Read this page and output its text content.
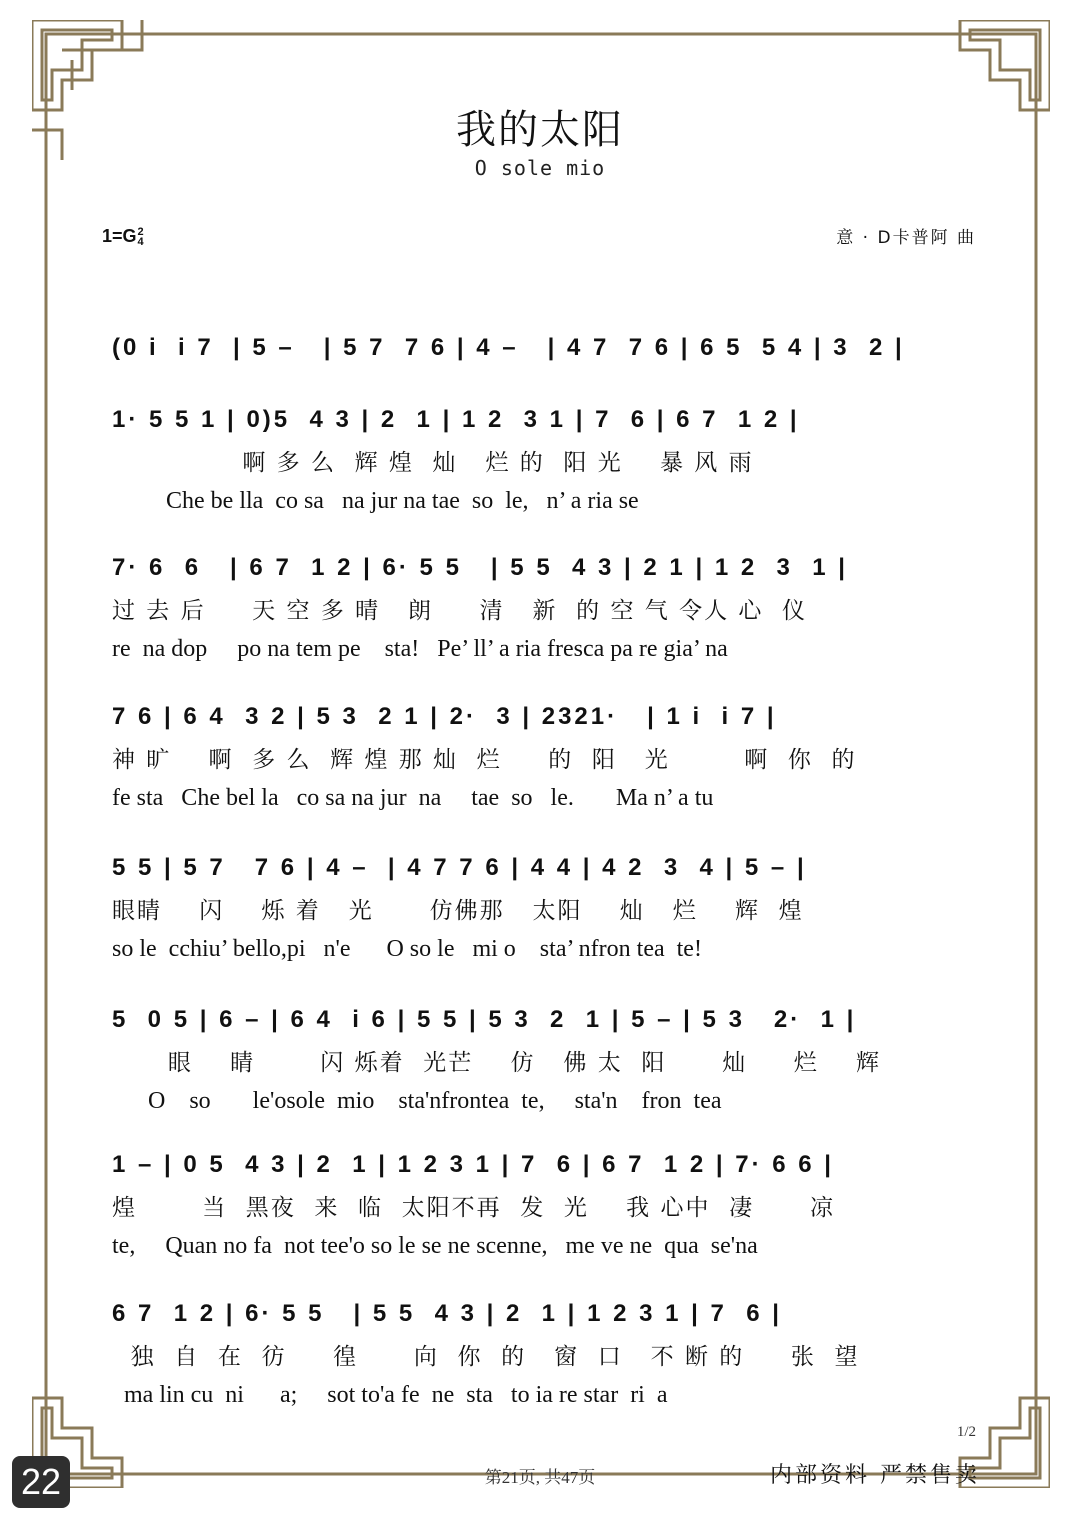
我的太阳
O sole mio
1=G2
4	意 · D卡普阿 曲
(0 i  i 7  | 5 –   | 5 7  7 6 | 4 –   | 4 7  7 6 | 6 5  5 4 | 3  2 |
1· 5 5 1 | 0)5  4 3 | 2  1 | 1 2  3 1 | 7  6 | 6 7  1 2 |
啊 多 么  辉 煌  灿   烂 的  阳 光    暴 风 雨
Che be lla  co sa   na jur na tae  so  le,   n’ a ria se
7· 6  6   | 6 7  1 2 | 6· 5 5   | 5 5  4 3 | 2 1 | 1 2  3  1 |
过 去 后     天 空 多 晴   朗     清   新  的 空 气 令人 心  仪
re  na dop     po na tem pe    sta!   Pe’ ll’ a ria fresca pa re gia’ na
7 6 | 6 4  3 2 | 5 3  2 1 | 2·  3 | 2321·   | 1 i  i 7 |
神 旷    啊  多 么  辉 煌 那 灿  烂     的  阳   光        啊  你  的
fe sta   Che bel la   co sa na jur  na     tae  so   le.       Ma n’ a tu
5 5 | 5 7   7 6 | 4 –  | 4 7 7 6 | 4 4 | 4 2  3  4 | 5 – |
眼睛    闪    烁 着   光      仿佛那   太阳    灿   烂    辉  煌
so le  cchiu’ bello,pi   n'e      O so le   mi o    sta’ nfron tea  te!
5  0 5 | 6 – | 6 4  i 6 | 5 5 | 5 3  2  1 | 5 – | 5 3   2·  1 |
眼    睛       闪 烁着  光芒    仿   佛 太  阳      灿     烂    辉
O    so       le'osole  mio    sta'nfrontea  te,     sta'n    fron  tea
1 – | 0 5  4 3 | 2  1 | 1 2 3 1 | 7  6 | 6 7  1 2 | 7· 6 6 |
煌       当  黑夜  来  临  太阳不再  发  光    我 心中  凄      凉
te,     Quan no fa  not tee'o so le se ne scenne,   me ve ne  qua  se'na
6 7  1 2 | 6· 5 5   | 5 5  4 3 | 2  1 | 1 2 3 1 | 7  6 |
独  自  在  彷     徨      向  你  的   窗  口   不 断 的     张  望
ma lin cu  ni      a;     sot to'a fe  ne  sta   to ia re star  ri  a
1/2
第21页, 共47页	内部资料 严禁售卖
22
